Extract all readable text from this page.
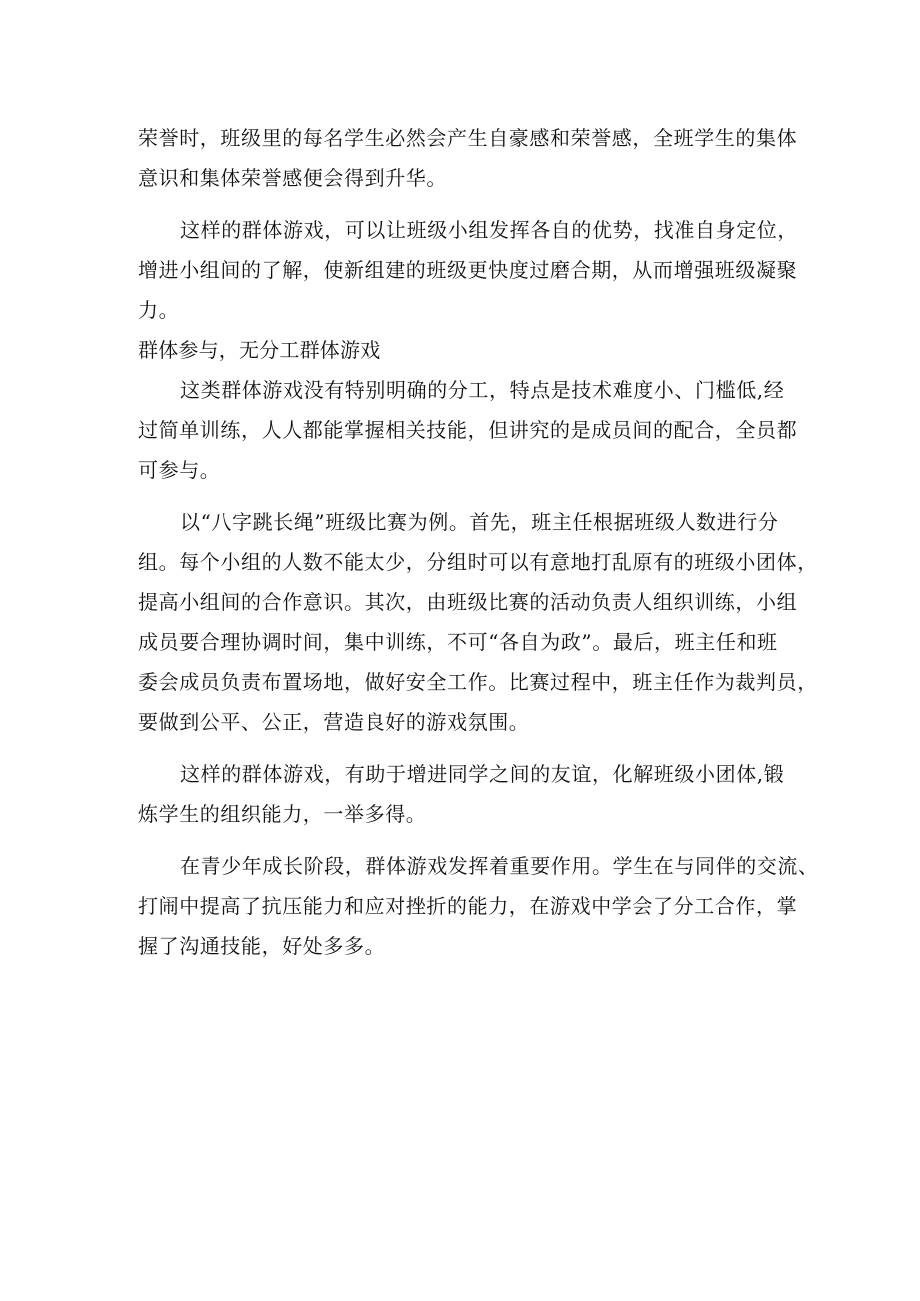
荣誉时，班级里的每名学生必然会产生自豪感和荣誉感，全班学生的集体
意识和集体荣誉感便会得到升华。
这样的群体游戏，可以让班级小组发挥各自的优势，找准自身定位，
增进小组间的了解，使新组建的班级更快度过磨合期，从而增强班级凝聚
力。
群体参与，无分工群体游戏
这类群体游戏没有特别明确的分工，特点是技术难度小、门槛低,经
过简单训练，人人都能掌握相关技能，但讲究的是成员间的配合，全员都
可参与。
以“八字跳长绳”班级比赛为例。首先，班主任根据班级人数进行分
组。每个小组的人数不能太少，分组时可以有意地打乱原有的班级小团体，
提高小组间的合作意识。其次，由班级比赛的活动负责人组织训练，小组
成员要合理协调时间，集中训练，不可“各自为政”。最后，班主任和班
委会成员负责布置场地，做好安全工作。比赛过程中，班主任作为裁判员，
要做到公平、公正，营造良好的游戏氛围。
这样的群体游戏，有助于增进同学之间的友谊，化解班级小团体,锻
炼学生的组织能力，一举多得。
在青少年成长阶段，群体游戏发挥着重要作用。学生在与同伴的交流、
打闹中提高了抗压能力和应对挫折的能力，在游戏中学会了分工合作，掌
握了沟通技能，好处多多。
